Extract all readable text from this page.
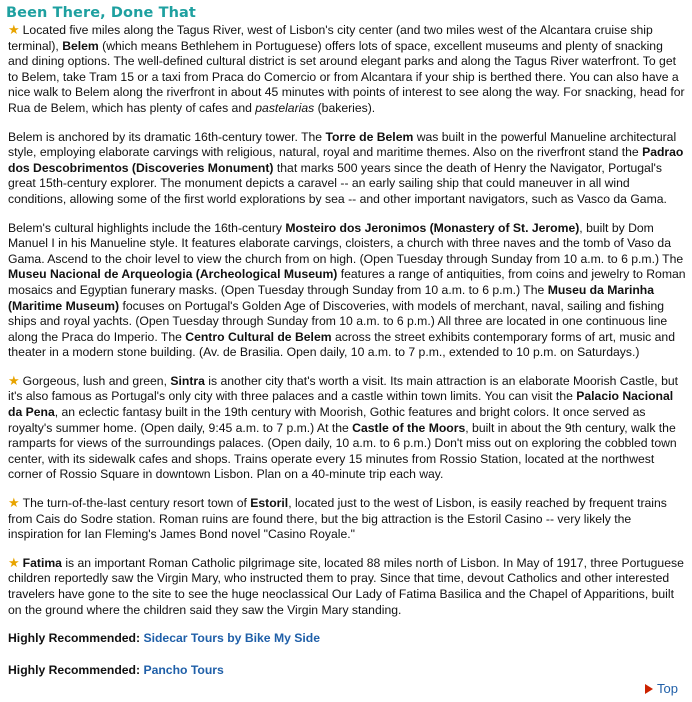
Been There, Done That

★ Located five miles along the Tagus River, west of Lisbon's city center (and two miles west of the Alcantara cruise ship terminal), Belem (which means Bethlehem in Portuguese) offers lots of space, excellent museums and plenty of snacking and dining options. The well-defined cultural district is set around elegant parks and along the Tagus River waterfront. To get to Belem, take Tram 15 or a taxi from Praca do Comercio or from Alcantara if your ship is berthed there. You can also have a nice walk to Belem along the riverfront in about 45 minutes with points of interest to see along the way. For snacking, head for Rua de Belem, which has plenty of cafes and pastelarias (bakeries).

Belem is anchored by its dramatic 16th-century tower. The Torre de Belem was built in the powerful Manueline architectural style, employing elaborate carvings with religious, natural, royal and maritime themes. Also on the riverfront stand the Padrao dos Descobrimentos (Discoveries Monument) that marks 500 years since the death of Henry the Navigator, Portugal's great 15th-century explorer. The monument depicts a caravel -- an early sailing ship that could maneuver in all wind conditions, allowing some of the first world explorations by sea -- and other important navigators, such as Vasco da Gama.

Belem's cultural highlights include the 16th-century Mosteiro dos Jeronimos (Monastery of St. Jerome), built by Dom Manuel I in his Manueline style. It features elaborate carvings, cloisters, a church with three naves and the tomb of Vaso da Gama. Ascend to the choir level to view the church from on high. (Open Tuesday through Sunday from 10 a.m. to 6 p.m.) The Museu Nacional de Arqueologia (Archeological Museum) features a range of antiquities, from coins and jewelry to Roman mosaics and Egyptian funerary masks. (Open Tuesday through Sunday from 10 a.m. to 6 p.m.) The Museu da Marinha (Maritime Museum) focuses on Portugal's Golden Age of Discoveries, with models of merchant, naval, sailing and fishing ships and royal yachts. (Open Tuesday through Sunday from 10 a.m. to 6 p.m.) All three are located in one continuous line along the Praca do Imperio. The Centro Cultural de Belem across the street exhibits contemporary forms of art, music and theater in a modern stone building. (Av. de Brasilia. Open daily, 10 a.m. to 7 p.m., extended to 10 p.m. on Saturdays.)

★ Gorgeous, lush and green, Sintra is another city that's worth a visit. Its main attraction is an elaborate Moorish Castle, but it's also famous as Portugal's only city with three palaces and a castle within town limits. You can visit the Palacio Nacional da Pena, an eclectic fantasy built in the 19th century with Moorish, Gothic features and bright colors. It once served as royalty's summer home. (Open daily, 9:45 a.m. to 7 p.m.) At the Castle of the Moors, built in about the 9th century, walk the ramparts for views of the surroundings palaces. (Open daily, 10 a.m. to 6 p.m.) Don't miss out on exploring the cobbled town center, with its sidewalk cafes and shops. Trains operate every 15 minutes from Rossio Station, located at the northwest corner of Rossio Square in downtown Lisbon. Plan on a 40-minute trip each way.

★ The turn-of-the-last century resort town of Estoril, located just to the west of Lisbon, is easily reached by frequent trains from Cais do Sodre station. Roman ruins are found there, but the big attraction is the Estoril Casino -- very likely the inspiration for Ian Fleming's James Bond novel "Casino Royale."

★ Fatima is an important Roman Catholic pilgrimage site, located 88 miles north of Lisbon. In May of 1917, three Portuguese children reportedly saw the Virgin Mary, who instructed them to pray. Since that time, devout Catholics and other interested travelers have gone to the site to see the huge neoclassical Our Lady of Fatima Basilica and the Chapel of Apparitions, built on the ground where the children said they saw the Virgin Mary standing.

Highly Recommended: Sidecar Tours by Bike My Side
Highly Recommended: Pancho Tours
Top
